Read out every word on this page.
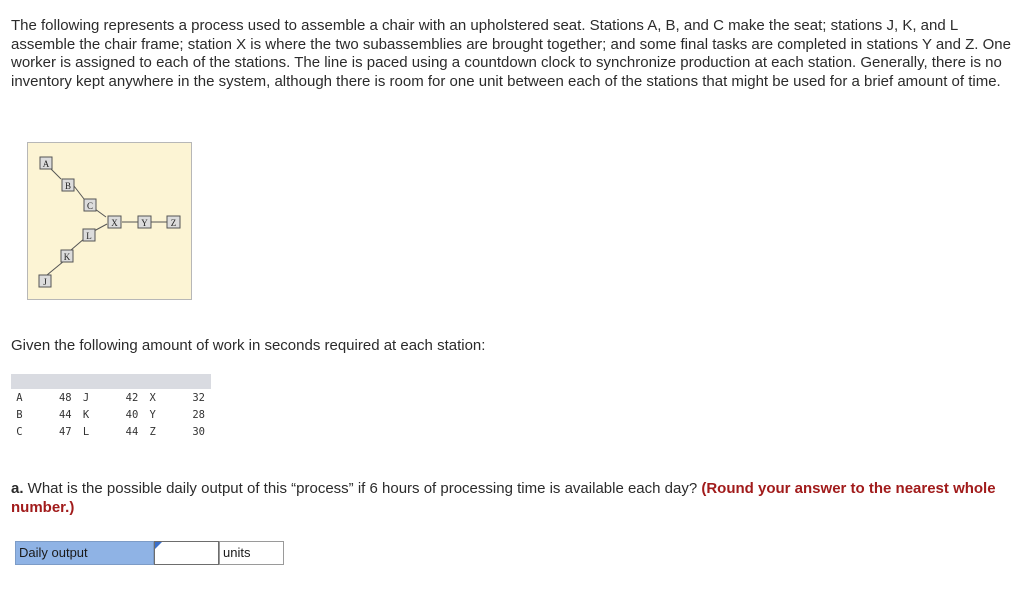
The following represents a process used to assemble a chair with an upholstered seat. Stations A, B, and C make the seat; stations J, K, and L assemble the chair frame; station X is where the two subassemblies are brought together; and some final tasks are completed in stations Y and Z. One worker is assigned to each of the stations. The line is paced using a countdown clock to synchronize production at each station. Generally, there is no inventory kept anywhere in the system, although there is room for one unit between each of the stations that might be used for a brief amount of time.

A
B
C
J
K
L
X	Y	Z

Given the following amount of work in seconds required at each station:

A	48	J	42	X	32
B	44	K	40	Y	28
C	47	L	44	Z	30

a. What is the possible daily output of this “process” if 6 hours of processing time is available each day? (Round your answer to the nearest whole number.)

Daily output	units
